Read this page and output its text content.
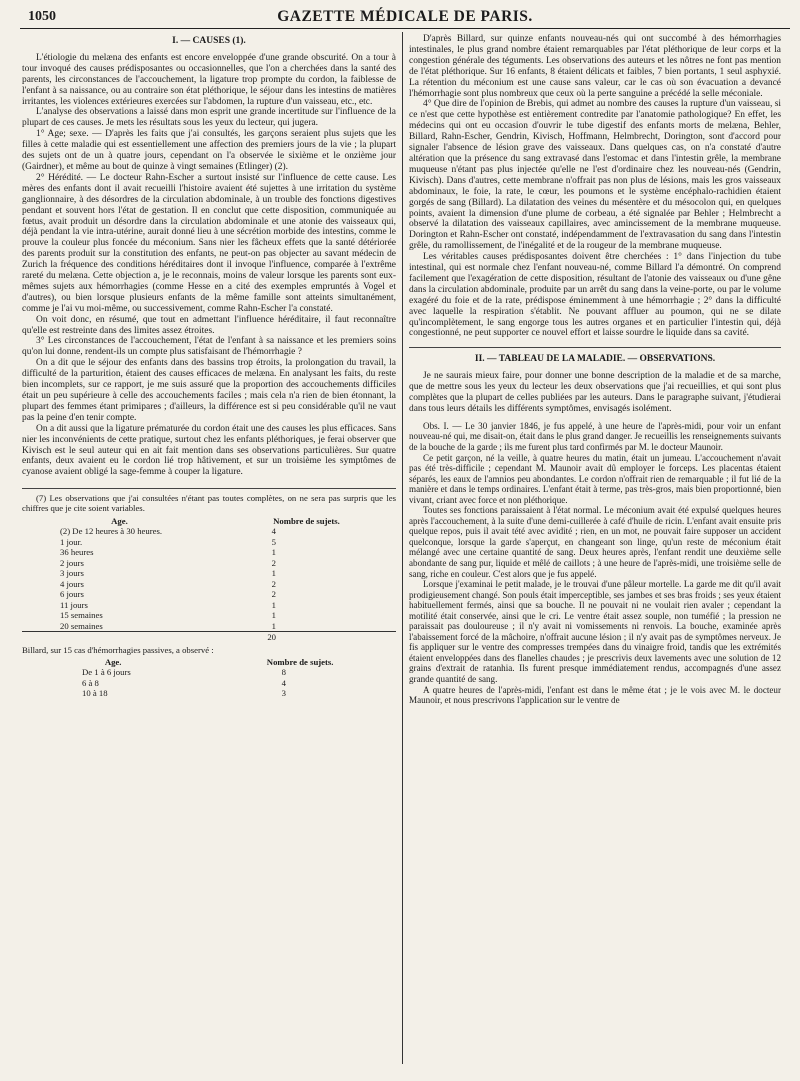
1050	GAZETTE MÉDICALE DE PARIS.

I. — CAUSES (1).

L'étiologie du melæna des enfants est encore enveloppée d'une grande obscurité. On a tour à tour invoqué des causes prédisposantes ou occasionnelles, que l'on a cherchées dans la santé des parents, les circonstances de l'accouchement, la ligature trop prompte du cordon, la faiblesse de l'enfant à sa naissance, ou au contraire son état pléthorique, le séjour dans les intestins de matières irritantes, les violences extérieures exercées sur l'abdomen, la rupture d'un vaisseau, etc., etc.

L'analyse des observations a laissé dans mon esprit une grande incertitude sur l'influence de la plupart de ces causes. Je mets les résultats sous les yeux du lecteur, qui jugera.

1° Age; sexe. — D'après les faits que j'ai consultés, les garçons seraient plus sujets que les filles à cette maladie qui est essentiellement une affection des premiers jours de la vie ; la plupart des sujets ont de un à quatre jours, cependant on l'a observée le sixième et le onzième jour (Gairdner), et même au bout de quinze à vingt semaines (Etlinger) (2).

2° Hérédité. — Le docteur Rahn-Escher a surtout insisté sur l'influence de cette cause. Les mères des enfants dont il avait recueilli l'histoire avaient été sujettes à une irritation du système ganglionnaire, à des désordres de la circulation abdominale, à un trouble des fonctions digestives pendant et souvent hors l'état de gestation. Il en conclut que cette disposition, communiquée au fœtus, avait produit un désordre dans la circulation abdominale et une atonie des vaisseaux qui, déjà pendant la vie intra-utérine, aurait donné lieu à une sécrétion morbide des intestins, comme le prouve la couleur plus foncée du méconium. Sans nier les fâcheux effets que la santé détériorée des parents produit sur la constitution des enfants, ne peut-on pas objecter au savant médecin de Zurich la fréquence des conditions héréditaires dont il invoque l'influence, comparée à l'extrême rareté du melæna. Cette objection a, je le reconnais, moins de valeur lorsque les parents sont eux-mêmes sujets aux hémorrhagies (comme Hesse en a cité des exemples empruntés à Vogel et d'autres), ou bien lorsque plusieurs enfants de la même famille sont atteints simultanément, comme je l'ai vu moi-même, ou successivement, comme Rahn-Escher l'a constaté.

On voit donc, en résumé, que tout en admettant l'influence héréditaire, il faut reconnaître qu'elle est restreinte dans des limites assez étroites.

3° Les circonstances de l'accouchement, l'état de l'enfant à sa naissance et les premiers soins qu'on lui donne, rendent-ils un compte plus satisfaisant de l'hémorrhagie ?

On a dit que le séjour des enfants dans des bassins trop étroits, la prolongation du travail, la difficulté de la parturition, étaient des causes efficaces de melæna. En analysant les faits, du reste bien incomplets, sur ce rapport, je me suis assuré que la proportion des accouchements difficiles était un peu supérieure à celle des accouchements faciles ; mais cela n'a rien de bien étonnant, la plupart des femmes étant primipares ; d'ailleurs, la différence est si peu considérable qu'il ne vaut pas la peine d'en tenir compte.

On a dit aussi que la ligature prématurée du cordon était une des causes les plus efficaces. Sans nier les inconvénients de cette pratique, surtout chez les enfants pléthoriques, je ferai observer que Kivisch est le seul auteur qui en ait fait mention dans ses observations particulières. Sur quatre enfants, deux avaient eu le cordon lié trop hâtivement, et sur un troisième les symptômes de cyanose avaient obligé la sage-femme à couper la ligature.

(7) Les observations que j'ai consultées n'étant pas toutes complètes, on ne sera pas surpris que les chiffres que je cite soient variables.

Age.	Nombre de sujets.
(2) De 12 heures à 30 heures.	4
1 jour.	5
36 heures	1
2 jours	2
3 jours	1
4 jours	2
6 jours	2
11 jours	1
15 semaines	1
20 semaines	1
	20

Billard, sur 15 cas d'hémorrhagies passives, a observé :

Age.	Nombre de sujets.
De 1 à 6 jours	8
6 à 8	4
10 à 18	3

D'après Billard, sur quinze enfants nouveau-nés qui ont succombé à des hémorrhagies intestinales, le plus grand nombre étaient remarquables par l'état pléthorique de leur corps et la congestion générale des téguments. Les observations des auteurs et les nôtres ne font pas mention de l'état pléthorique. Sur 16 enfants, 8 étaient délicats et faibles, 7 bien portants, 1 seul asphyxié. La rétention du méconium est une cause sans valeur, car le cas où son évacuation a devancé l'hémorrhagie sont plus nombreux que ceux où la perte sanguine a précédé la selle méconiale.

4° Que dire de l'opinion de Brebis, qui admet au nombre des causes la rupture d'un vaisseau, si ce n'est que cette hypothèse est entièrement contredite par l'anatomie pathologique? En effet, les médecins qui ont eu occasion d'ouvrir le tube digestif des enfants morts de melæna, Behler, Billard, Rahn-Escher, Gendrin, Kivisch, Hoffmann, Helmbrecht, Dorington, sont d'accord pour signaler l'absence de lésion grave des vaisseaux. Dans quelques cas, on n'a constaté d'autre altération que la présence du sang extravasé dans l'estomac et dans l'intestin grêle, la membrane muqueuse n'étant pas plus injectée qu'elle ne l'est d'ordinaire chez les nouveau-nés (Gendrin, Kivisch). Dans d'autres, cette membrane n'offrait pas non plus de lésions, mais les gros vaisseaux abdominaux, le foie, la rate, le cœur, les poumons et le système encéphalo-rachidien étaient gorgés de sang (Billard). La dilatation des veines du mésentère et du mésocolon qui, en quelques points, avaient la dimension d'une plume de corbeau, a été signalée par Behler ; Helmbrecht a observé la dilatation des vaisseaux capillaires, avec amincissement de la membrane muqueuse. Dorington et Rahn-Escher ont constaté, indépendamment de l'extravasation du sang dans l'intestin grêle, du ramollissement, de l'inégalité et de la rougeur de la membrane muqueuse.

Les véritables causes prédisposantes doivent être cherchées : 1° dans l'injection du tube intestinal, qui est normale chez l'enfant nouveau-né, comme Billard l'a démontré. On comprend facilement que l'exagération de cette disposition, résultant de l'atonie des vaisseaux ou d'une gêne dans la circulation abdominale, produite par un arrêt du sang dans la veine-porte, ou par le volume exagéré du foie et de la rate, prédispose éminemment à une hémorrhagie ; 2° dans la difficulté avec laquelle la respiration s'établit. Ne pouvant affluer au poumon, qui ne se dilate qu'incomplètement, le sang engorge tous les autres organes et en particulier l'intestin qui, déjà congestionné, ne peut supporter ce nouvel effort et laisse sourdre le liquide dans sa cavité.

II. — TABLEAU DE LA MALADIE. — OBSERVATIONS.

Je ne saurais mieux faire, pour donner une bonne description de la maladie et de sa marche, que de mettre sous les yeux du lecteur les deux observations que j'ai recueillies, et qui sont plus complètes que la plupart de celles publiées par les auteurs. Dans le paragraphe suivant, j'étudierai dans tous leurs détails les différents symptômes, envisagés isolément.

Obs. I. — Le 30 janvier 1846, je fus appelé, à une heure de l'après-midi, pour voir un enfant nouveau-né qui, me disait-on, était dans le plus grand danger. Je recueillis les renseignements suivants de la bouche de la garde ; ils me furent plus tard confirmés par M. le docteur Maunoir.

Ce petit garçon, né la veille, à quatre heures du matin, était un jumeau. L'accouchement n'avait pas été très-difficile ; cependant M. Maunoir avait dû employer le forceps. Les placentas étaient séparés, les eaux de l'amnios peu abondantes. Le cordon n'offrait rien de remarquable ; il fut lié de la manière et dans le temps ordinaires. L'enfant était à terme, pas très-gros, mais bien proportionné, bien vivant, criant avec force et non pléthorique.

Toutes ses fonctions paraissaient à l'état normal. Le méconium avait été expulsé quelques heures après l'accouchement, à la suite d'une demi-cuillerée à café d'huile de ricin. L'enfant avait ensuite pris quelque repos, puis il avait tété avec avidité ; rien, en un mot, ne pouvait faire supposer un accident quelconque, lorsque la garde s'aperçut, en changeant son linge, qu'un reste de méconium était mélangé avec une certaine quantité de sang. Deux heures après, l'enfant rendit une deuxième selle abondante de sang pur, liquide et mêlé de caillots ; à une heure de l'après-midi, une troisième selle de sang, riche en couleur. C'est alors que je fus appelé.

Lorsque j'examinai le petit malade, je le trouvai d'une pâleur mortelle. La garde me dit qu'il avait prodigieusement changé. Son pouls était imperceptible, ses jambes et ses bras froids ; ses yeux étaient habituellement fermés, ainsi que sa bouche. Il ne pouvait ni ne voulait rien avaler ; cependant la motilité était conservée, ainsi que le cri. Le ventre était assez souple, non tuméfié ; la pression ne paraissait pas douloureuse ; il n'y avait ni vomissements ni renvois. La bouche, examinée après l'abaissement forcé de la mâchoire, n'offrait aucune lésion ; il n'y avait pas de symptômes nerveux. Je fis appliquer sur le ventre des compresses trempées dans du vinaigre froid, tandis que les extrémités étaient enveloppées dans des flanelles chaudes ; je prescrivis deux lavements avec une solution de 12 grains d'extrait de ratanhia. Ils furent presque immédiatement rendus, accompagnés d'une assez grande quantité de sang.

A quatre heures de l'après-midi, l'enfant est dans le même état ; je le vois avec M. le docteur Maunoir, et nous prescrivons l'application sur le ventre de
